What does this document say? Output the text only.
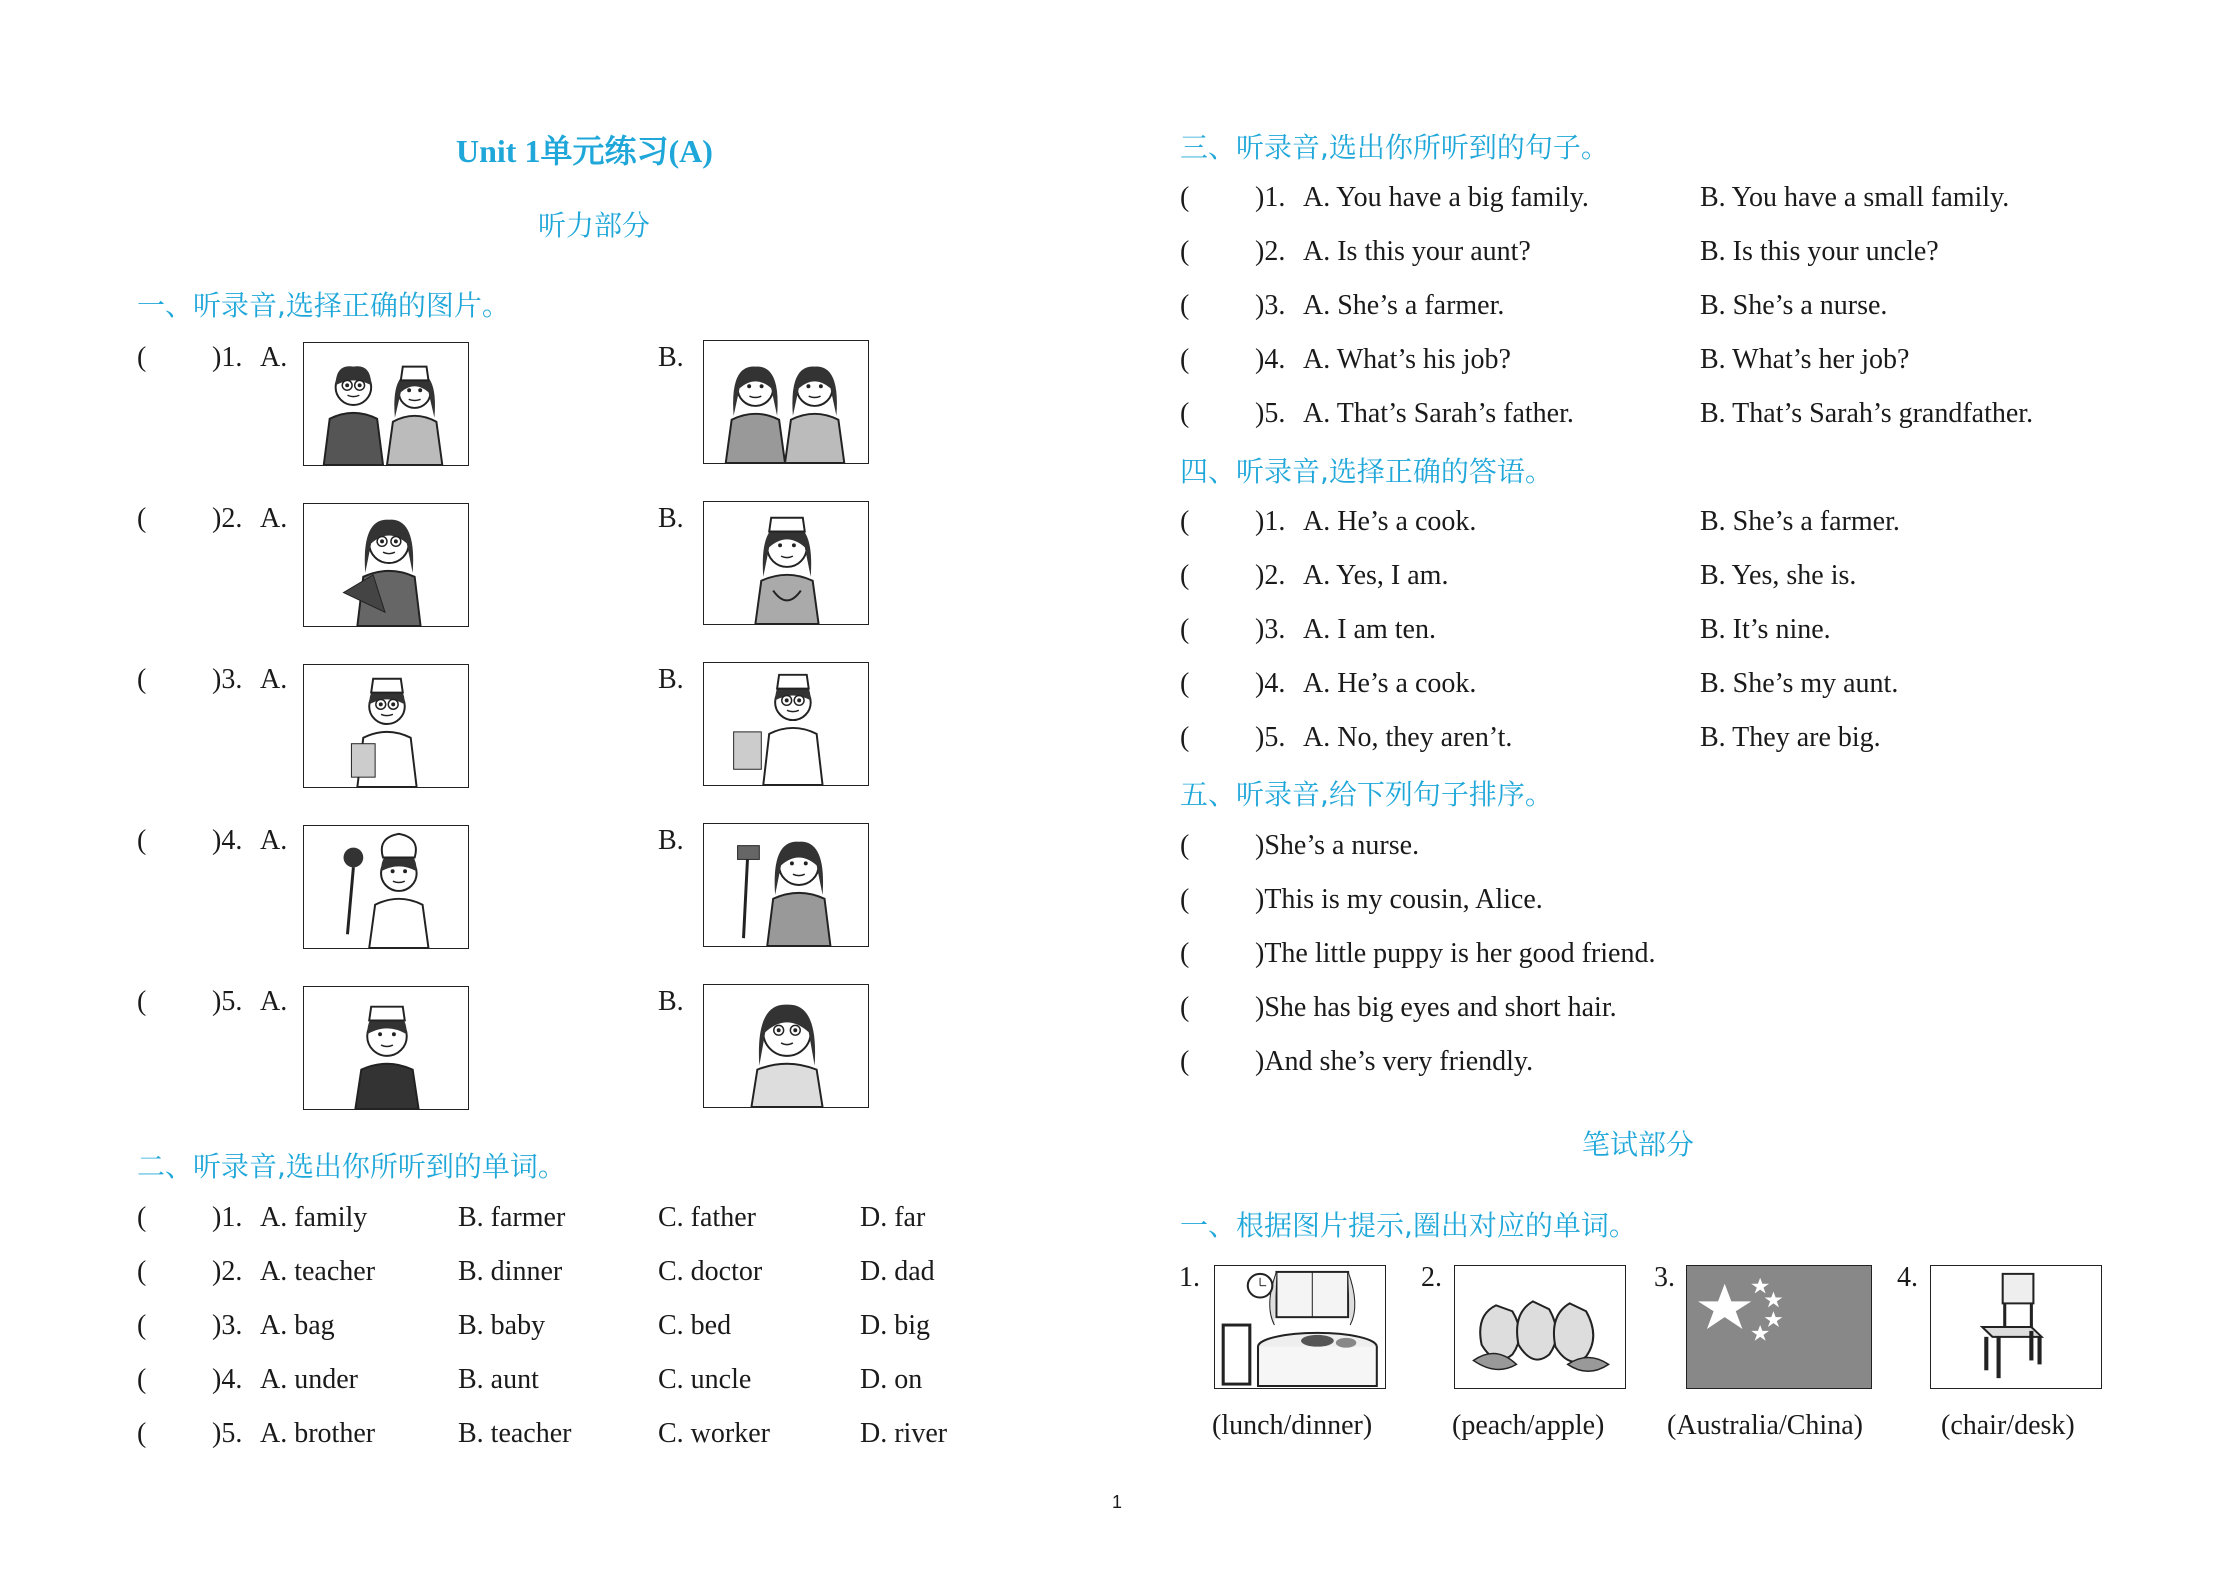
Unit 1单元练习(A)
听力部分
一、听录音,选择正确的图片。
( )1. A.	B.
( )2. A.	B.
( )3. A.	B.
( )4. A.	B.
( )5. A.	B.
二、听录音,选出你所听到的单词。
( )1. A. family	B. farmer	C. father	D. far
( )2. A. teacher	B. dinner	C. doctor	D. dad
( )3. A. bag	B. baby	C. bed	D. big
( )4. A. under	B. aunt	C. uncle	D. on
( )5. A. brother	B. teacher	C. worker	D. river
三、听录音,选出你所听到的句子。
( )1. A. You have a big family.	B. You have a small family.
( )2. A. Is this your aunt?	B. Is this your uncle?
( )3. A. She’s a farmer.	B. She’s a nurse.
( )4. A. What’s his job?	B. What’s her job?
( )5. A. That’s Sarah’s father.	B. That’s Sarah’s grandfather.
四、听录音,选择正确的答语。
( )1. A. He’s a cook.	B. She’s a farmer.
( )2. A. Yes, I am.	B. Yes, she is.
( )3. A. I am ten.	B. It’s nine.
( )4. A. He’s a cook.	B. She’s my aunt.
( )5. A. No, they aren’t.	B. They are big.
五、听录音,给下列句子排序。
( )She’s a nurse.
( )This is my cousin, Alice.
( )The little puppy is her good friend.
( )She has big eyes and short hair.
( )And she’s very friendly.
笔试部分
一、根据图片提示,圈出对应的单词。
1.
(lunch/dinner)
2.
(peach/apple)
3.
(Australia/China)
4.
(chair/desk)
1
